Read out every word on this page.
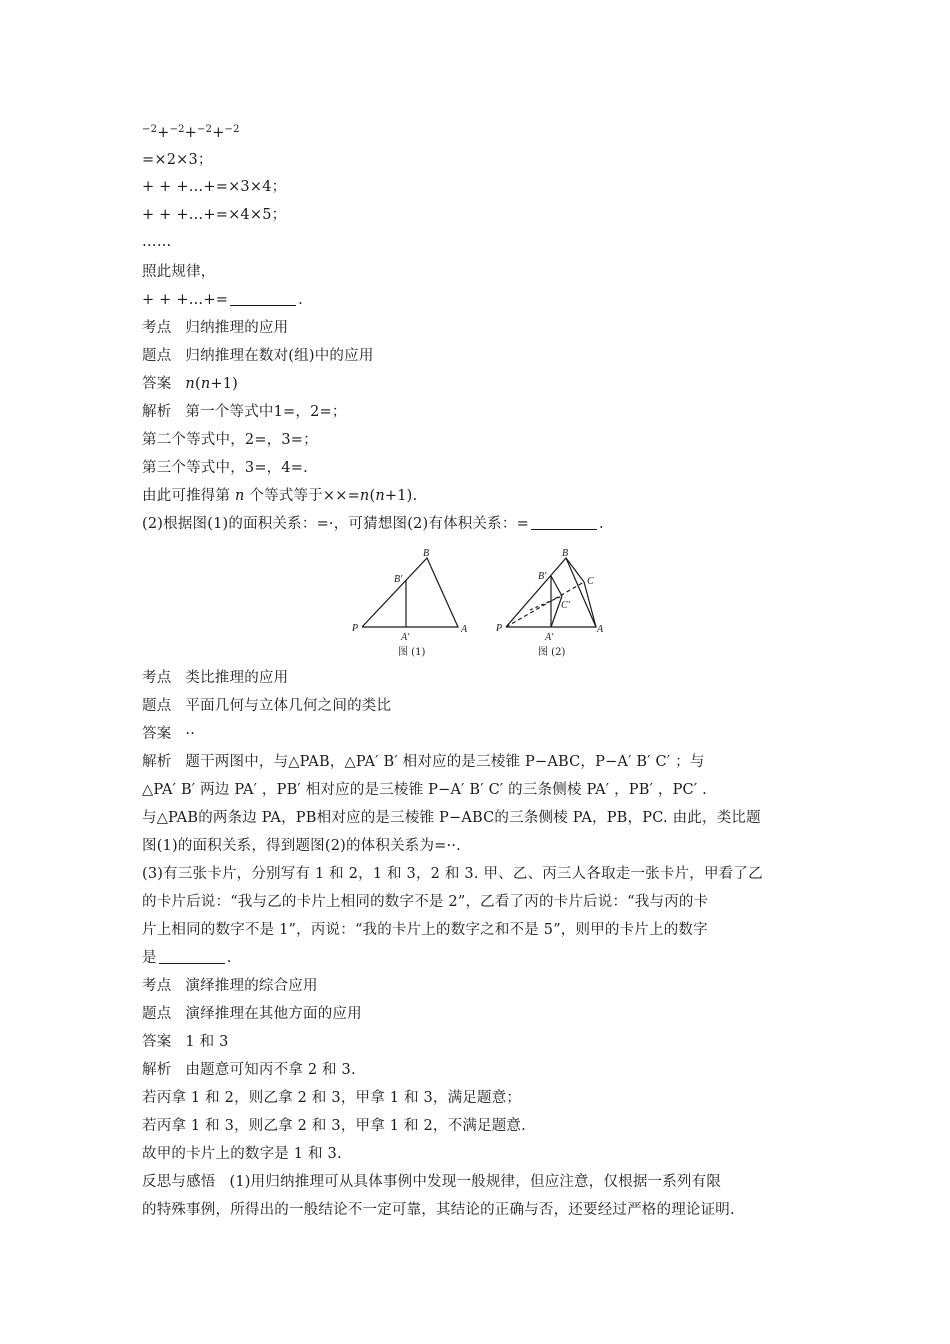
$^{-2}$+$^{-2}$+$^{-2}$+$^{-2}$
=×2×3；
+ + +…+=×3×4；
+ + +…+=×4×5；
……
照此规律，
+ + +…+=	.
考点 归纳推理的应用
题点 归纳推理在数对(组)中的应用
答案 n(n+1)
解析 第一个等式中1=，2=；
第二个等式中，2=，3=；
第三个等式中，3=，4=.
由此可推得第 n 个等式等于××=n(n+1).
(2)根据图(1)的面积关系：=·，可猜想图(2)有体积关系：=	.
P	A
B
B′
A′
P	A
B
C
B′
C′
A′
图 (1)	图 (2)
考点 类比推理的应用
题点 平面几何与立体几何之间的类比
答案 ··
解析 题干两图中，与△PAB，△PA′ B′ 相对应的是三棱锥 P−ABC，P−A′ B′ C′ ；与
△PA′ B′ 两边 PA′ ，PB′ 相对应的是三棱锥 P−A′ B′ C′ 的三条侧棱 PA′ ，PB′ ，PC′ .
与△PAB的两条边 PA，PB相对应的是三棱锥 P−ABC的三条侧棱 PA，PB，PC. 由此，类比题
图(1)的面积关系，得到题图(2)的体积关系为=··.
(3)有三张卡片，分别写有 1 和 2，1 和 3，2 和 3. 甲、乙、丙三人各取走一张卡片，甲看了乙
的卡片后说：“我与乙的卡片上相同的数字不是 2”，乙看了丙的卡片后说：“我与丙的卡
片上相同的数字不是 1”，丙说：“我的卡片上的数字之和不是 5”，则甲的卡片上的数字
是	.
考点 演绎推理的综合应用
题点 演绎推理在其他方面的应用
答案 1 和 3
解析 由题意可知丙不拿 2 和 3.
若丙拿 1 和 2，则乙拿 2 和 3，甲拿 1 和 3，满足题意；
若丙拿 1 和 3，则乙拿 2 和 3，甲拿 1 和 2，不满足题意.
故甲的卡片上的数字是 1 和 3.
反思与感悟 (1)用归纳推理可从具体事例中发现一般规律，但应注意，仅根据一系列有限
的特殊事例，所得出的一般结论不一定可靠，其结论的正确与否，还要经过严格的理论证明.
